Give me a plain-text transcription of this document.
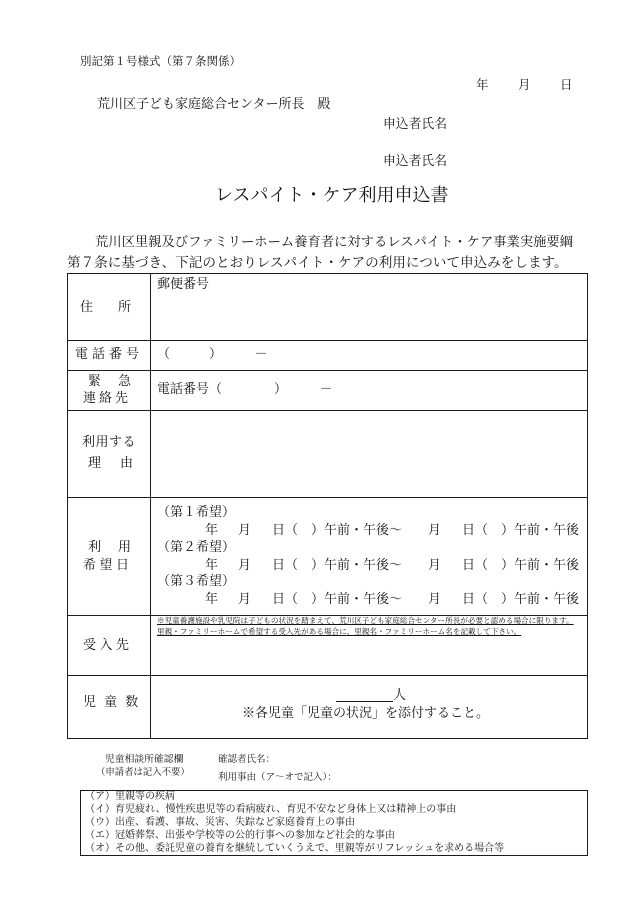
別記第１号様式（第７条関係）
年　　月　　日
荒川区子ども家庭総合センター所長　殿
申込者氏名
申込者氏名
レスパイト・ケア利用申込書
荒川区里親及びファミリーホーム養育者に対するレスパイト・ケア事業実施要綱
第７条に基づき、下記のとおりレスパイト・ケアの利用について申込みをします。
住　所
郵便番号
電話番号 （　　　）　　　－
緊　急
連絡先
電話番号（　　　　）　　　－
利用する
理　由
利　用
希望日
（第１希望）
年 月 日（　）午前・午後～ 月 日（　）午前・午後
（第２希望）
年 月 日（　）午前・午後～ 月 日（　）午前・午後
（第３希望）
年 月 日（　）午前・午後～ 月 日（　）午前・午後
受入先
※児童養護施設や乳児院は子どもの状況を踏まえて、荒川区子ども家庭総合センター所長が必要と認める場合に限ります。
里親・ファミリーホームで希望する受入先がある場合に、里親名・ファミリーホーム名を記載して下さい。
児 童 数	人
※各児童「児童の状況」を添付すること。
児童相談所確認欄
（申請者は記入不要）
確認者氏名：
利用事由（ア～オで記入）：
（ア）里親等の疾病
（イ）育児疲れ、慢性疾患児等の看病疲れ、育児不安など身体上又は精神上の事由
（ウ）出産、看護、事故、災害、失踪など家庭養育上の事由
（エ）冠婚葬祭、出張や学校等の公的行事への参加など社会的な事由
（オ）その他、委託児童の養育を継続していくうえで、里親等がリフレッシュを求める場合等
